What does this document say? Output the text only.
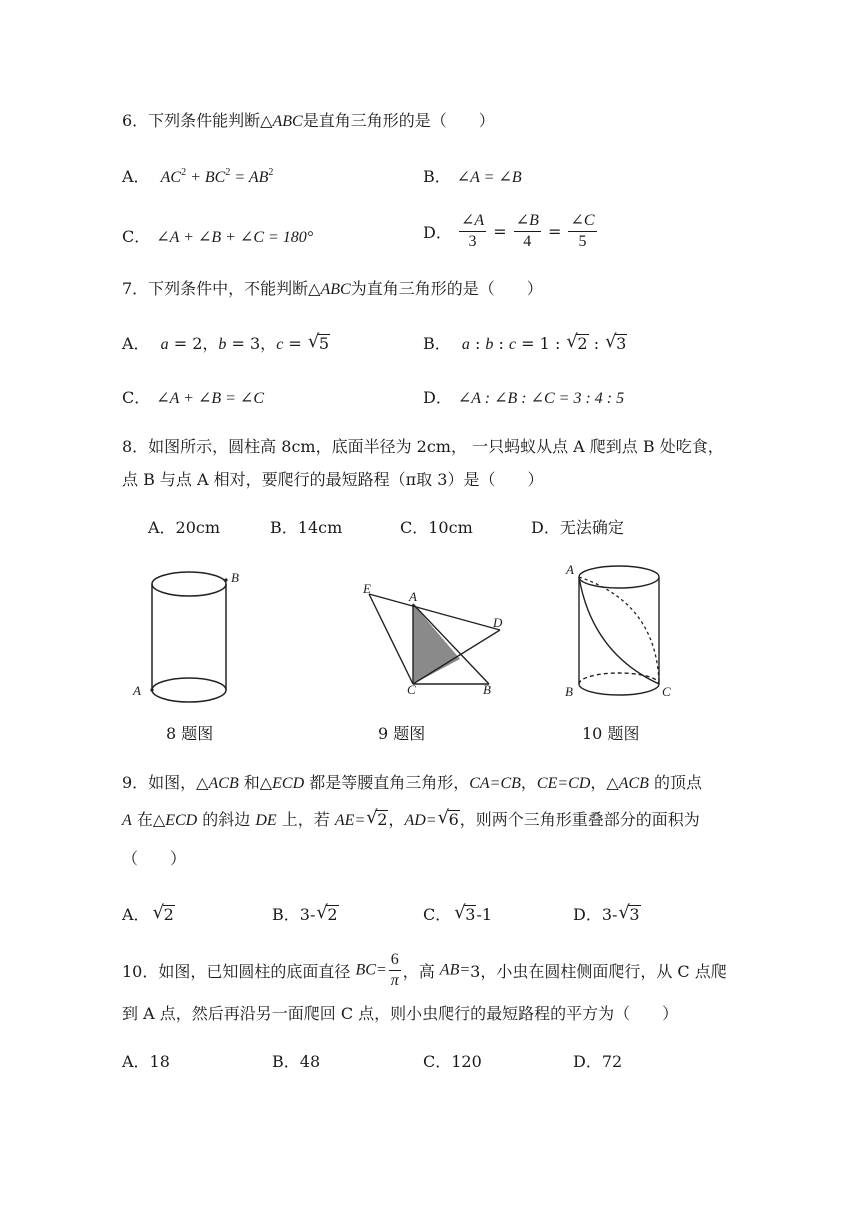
6．下列条件能判断△ABC是直角三角形的是（　　）
A． $AC^2 + BC^2 = AB^2$	B． ∠A = ∠B
C． ∠A + ∠B + ∠C = 180°	D． $\frac{\angle A}{3} = \frac{\angle B}{4} = \frac{\angle C}{5}$
7．下列条件中，不能判断△ABC为直角三角形的是（　　）
A． a = 2，b = 3，c = √ 5	B． a : b : c = 1 : √ 2 : √ 3
C． ∠A + ∠B = ∠C	D． ∠A : ∠B : ∠C = 3 : 4 : 5
8．如图所示，圆柱高 8cm，底面半径为 2cm， 一只蚂蚁从点 A 爬到点 B 处吃食，
点 B 与点 A 相对，要爬行的最短路程（π取 3）是（　　）
A．20cm	B．14cm	C．10cm	D．无法确定
B
A
E
A
D
C	B
A
B	C
8 题图	9 题图	10 题图
9．如图，△ACB 和△ECD 都是等腰直角三角形，CA=CB，CE=CD，△ACB 的顶点
A 在△ECD 的斜边 DE 上，若 AE= √ 2，AD= √ 6，则两个三角形重叠部分的面积为
（　　）
A． √ 2	B．3- √ 2	C． √ 3-1	D．3- √ 3
10．如图，已知圆柱的底面直径 $BC= \frac{6}{\pi}$ ，高 AB=3，小虫在圆柱侧面爬行，从 C 点爬
到 A 点，然后再沿另一面爬回 C 点，则小虫爬行的最短路程的平方为（　　）
A．18	B．48	C．120	D．72
